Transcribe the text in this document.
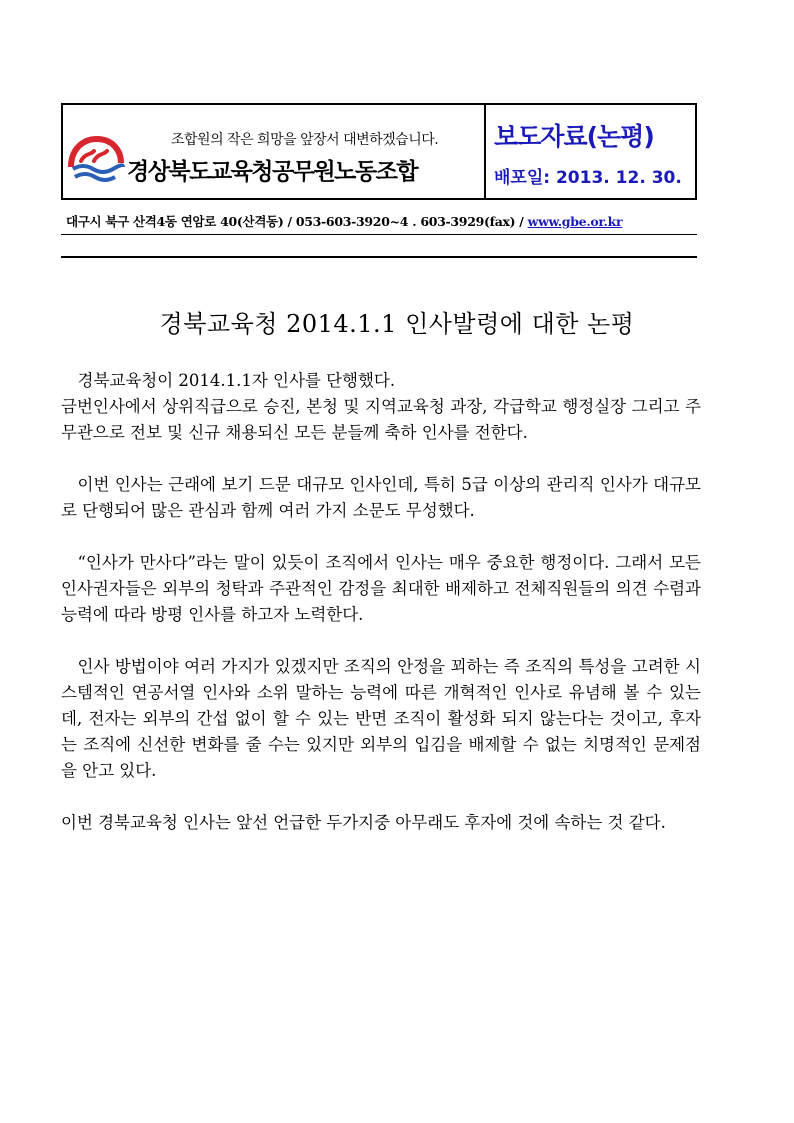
조합원의 작은 희망을 앞장서 대변하겠습니다.
경상북도교육청공무원노동조합
보도자료(논평)
배포일: 2013. 12. 30.
대구시 북구 산격4동 연암로 40(산격동) / 053-603-3920~4 . 603-3929(fax) / www.gbe.or.kr
경북교육청 2014.1.1 인사발령에 대한 논평
경북교육청이 2014.1.1자 인사를 단행했다.
금번인사에서 상위직급으로 승진, 본청 및 지역교육청 과장, 각급학교 행정실장 그리고 주무관으로 전보 및 신규 채용되신 모든 분들께 축하 인사를 전한다.

이번 인사는 근래에 보기 드문 대규모 인사인데, 특히 5급 이상의 관리직 인사가 대규모로 단행되어 많은 관심과 함께 여러 가지 소문도 무성했다.

“인사가 만사다”라는 말이 있듯이 조직에서 인사는 매우 중요한 행정이다. 그래서 모든 인사권자들은 외부의 청탁과 주관적인 감정을 최대한 배제하고 전체직원들의 의견 수렴과 능력에 따라 방평 인사를 하고자 노력한다.

인사 방법이야 여러 가지가 있겠지만 조직의 안정을 꾀하는 즉 조직의 특성을 고려한 시스템적인 연공서열 인사와 소위 말하는 능력에 따른 개혁적인 인사로 유념해 볼 수 있는데, 전자는 외부의 간섭 없이 할 수 있는 반면 조직이 활성화 되지 않는다는 것이고, 후자는 조직에 신선한 변화를 줄 수는 있지만 외부의 입김을 배제할 수 없는 치명적인 문제점을 안고 있다.

이번 경북교육청 인사는 앞선 언급한 두가지중 아무래도 후자에 것에 속하는 것 같다.
